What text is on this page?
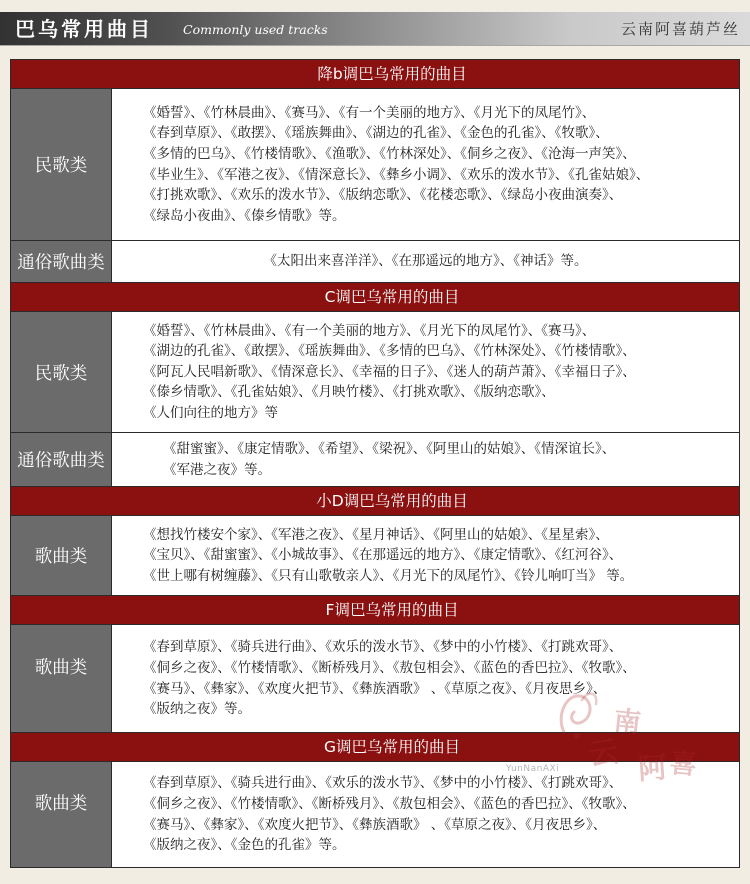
巴乌常用曲目 Commonly used tracks	云南阿喜葫芦丝
降b调巴乌常用的曲目
民歌类
《婚誓》、《竹林晨曲》、《赛马》、《有一个美丽的地方》、《月光下的凤尾竹》、
《春到草原》、《敢摆》、《瑶族舞曲》、《湖边的孔雀》、《金色的孔雀》、《牧歌》、
《多情的巴乌》、《竹楼情歌》、《渔歌》、《竹林深处》、《侗乡之夜》、《沧海一声笑》、
《毕业生》、《军港之夜》、《情深意长》、《彝乡小调》、《欢乐的泼水节》、《孔雀姑娘》、
《打挑欢歌》、《欢乐的泼水节》、《版纳恋歌》、《花楼恋歌》、《绿岛小夜曲演奏》、
《绿岛小夜曲》、《傣乡情歌》等。
通俗歌曲类	《太阳出来喜洋洋》、《在那遥远的地方》、《神话》等。
C调巴乌常用的曲目
民歌类
《婚誓》、《竹林晨曲》、《有一个美丽的地方》、《月光下的凤尾竹》、《赛马》、
《湖边的孔雀》、《敢摆》、《瑶族舞曲》、《多情的巴乌》、《竹林深处》、《竹楼情歌》、
《阿瓦人民唱新歌》、《情深意长》、《幸福的日子》、《迷人的葫芦萧》、《幸福日子》、
《傣乡情歌》、《孔雀姑娘》、《月映竹楼》、《打挑欢歌》、《版纳恋歌》、
《人们向往的地方》等
通俗歌曲类
《甜蜜蜜》、《康定情歌》、《希望》、《梁祝》、《阿里山的姑娘》、《情深谊长》、
《军港之夜》等。
小D调巴乌常用的曲目
歌曲类
《想找竹楼安个家》、《军港之夜》、《星月神话》、《阿里山的姑娘》、《星星索》、
《宝贝》、《甜蜜蜜》、《小城故事》、《在那遥远的地方》、《康定情歌》、《红河谷》、
《世上哪有树缠藤》、《只有山歌敬亲人》、《月光下的凤尾竹》、《铃儿响叮当》 等。
F调巴乌常用的曲目
歌曲类
《春到草原》、《骑兵进行曲》、《欢乐的泼水节》、《梦中的小竹楼》、《打跳欢哥》、
《侗乡之夜》、《竹楼情歌》、《断桥残月》、《敖包相会》、《蓝色的香巴拉》、《牧歌》、
《赛马》、《彝家》、《欢度火把节》、《彝族酒歌》 、《草原之夜》、《月夜思乡》、
《版纳之夜》等。
G调巴乌常用的曲目
歌曲类
《春到草原》、《骑兵进行曲》、《欢乐的泼水节》、《梦中的小竹楼》、《打跳欢哥》、
《侗乡之夜》、《竹楼情歌》、《断桥残月》、《敖包相会》、《蓝色的香巴拉》、《牧歌》、
《赛马》、《彝家》、《欢度火把节》、《彝族酒歌》 、《草原之夜》、《月夜思乡》、
《版纳之夜》、《金色的孔雀》等。
云
南
阿 喜
YunNanAXi
